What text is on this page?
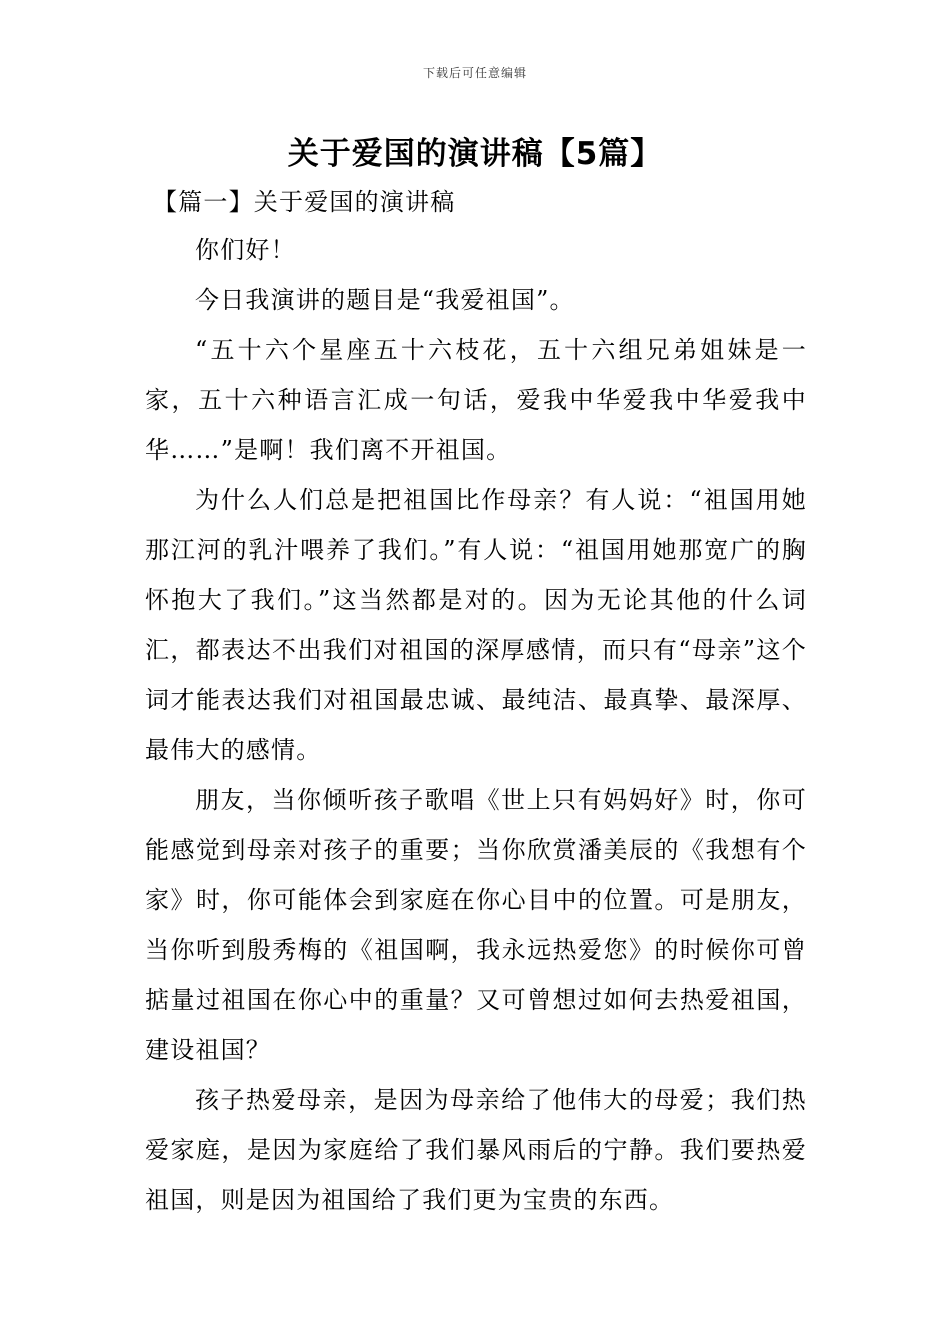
下载后可任意编辑
关于爱国的演讲稿【5篇】

【篇一】关于爱国的演讲稿

你们好！

今日我演讲的题目是“我爱祖国”。

“五十六个星座五十六枝花，五十六组兄弟姐妹是一家，五十六种语言汇成一句话，爱我中华爱我中华爱我中华……”是啊！我们离不开祖国。

为什么人们总是把祖国比作母亲？有人说：“祖国用她那江河的乳汁喂养了我们。”有人说：“祖国用她那宽广的胸怀抱大了我们。”这当然都是对的。因为无论其他的什么词汇，都表达不出我们对祖国的深厚感情，而只有“母亲”这个词才能表达我们对祖国最忠诚、最纯洁、最真挚、最深厚、最伟大的感情。

朋友，当你倾听孩子歌唱《世上只有妈妈好》时，你可能感觉到母亲对孩子的重要；当你欣赏潘美辰的《我想有个家》时，你可能体会到家庭在你心目中的位置。可是朋友，当你听到殷秀梅的《祖国啊，我永远热爱您》的时候你可曾掂量过祖国在你心中的重量？又可曾想过如何去热爱祖国，建设祖国？

孩子热爱母亲，是因为母亲给了他伟大的母爱；我们热爱家庭，是因为家庭给了我们暴风雨后的宁静。我们要热爱祖国，则是因为祖国给了我们更为宝贵的东西。
